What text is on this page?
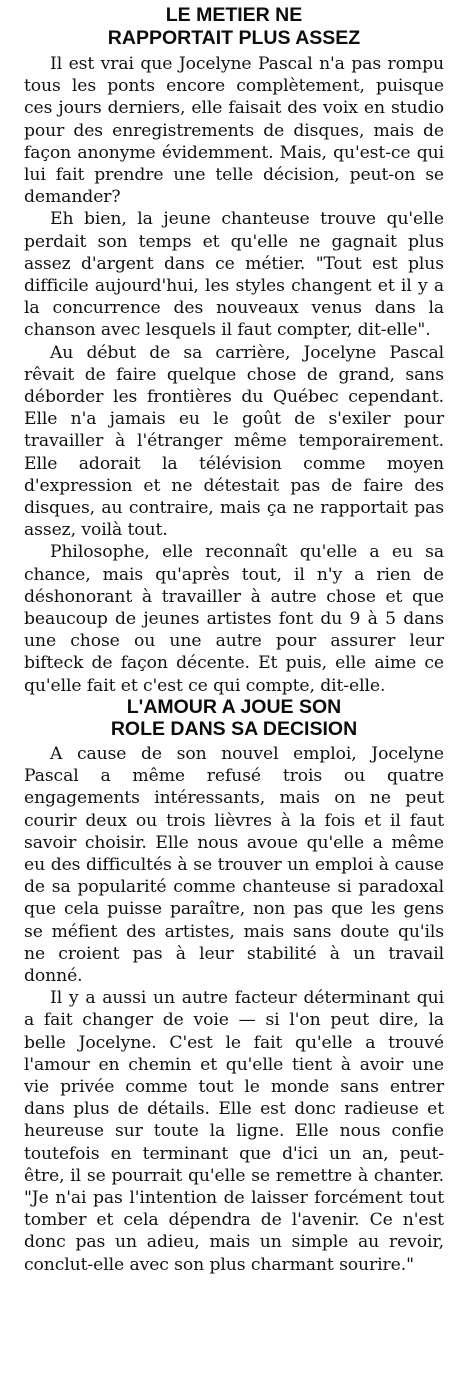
LE METIER NE
RAPPORTAIT PLUS ASSEZ

Il est vrai que Jocelyne Pascal n'a pas rompu tous les ponts encore complètement, puisque ces jours derniers, elle faisait des voix en studio pour des enregistrements de disques, mais de façon anonyme évidemment. Mais, qu'est-ce qui lui fait prendre une telle décision, peut-on se demander?

Eh bien, la jeune chanteuse trouve qu'elle perdait son temps et qu'elle ne gagnait plus assez d'argent dans ce métier. "Tout est plus difficile aujourd'hui, les styles changent et il y a la concurrence des nouveaux venus dans la chanson avec lesquels il faut compter, dit-elle".

Au début de sa carrière, Jocelyne Pascal rêvait de faire quelque chose de grand, sans déborder les frontières du Québec cependant. Elle n'a jamais eu le goût de s'exiler pour travailler à l'étranger même temporairement. Elle adorait la télévision comme moyen d'expression et ne détestait pas de faire des disques, au contraire, mais ça ne rapportait pas assez, voilà tout.

Philosophe, elle reconnaît qu'elle a eu sa chance, mais qu'après tout, il n'y a rien de déshonorant à travailler à autre chose et que beaucoup de jeunes artistes font du 9 à 5 dans une chose ou une autre pour assurer leur bifteck de façon décente. Et puis, elle aime ce qu'elle fait et c'est ce qui compte, dit-elle.

L'AMOUR A JOUE SON
ROLE DANS SA DECISION

A cause de son nouvel emploi, Jocelyne Pascal a même refusé trois ou quatre engagements intéressants, mais on ne peut courir deux ou trois lièvres à la fois et il faut savoir choisir. Elle nous avoue qu'elle a même eu des difficultés à se trouver un emploi à cause de sa popularité comme chanteuse si paradoxal que cela puisse paraître, non pas que les gens se méfient des artistes, mais sans doute qu'ils ne croient pas à leur stabilité à un travail donné.

Il y a aussi un autre facteur déterminant qui a fait changer de voie — si l'on peut dire, la belle Jocelyne. C'est le fait qu'elle a trouvé l'amour en chemin et qu'elle tient à avoir une vie privée comme tout le monde sans entrer dans plus de détails. Elle est donc radieuse et heureuse sur toute la ligne. Elle nous confie toutefois en terminant que d'ici un an, peut-être, il se pourrait qu'elle se remettre à chanter. "Je n'ai pas l'intention de laisser forcément tout tomber et cela dépendra de l'avenir. Ce n'est donc pas un adieu, mais un simple au revoir, conclut-elle avec son plus charmant sourire."
